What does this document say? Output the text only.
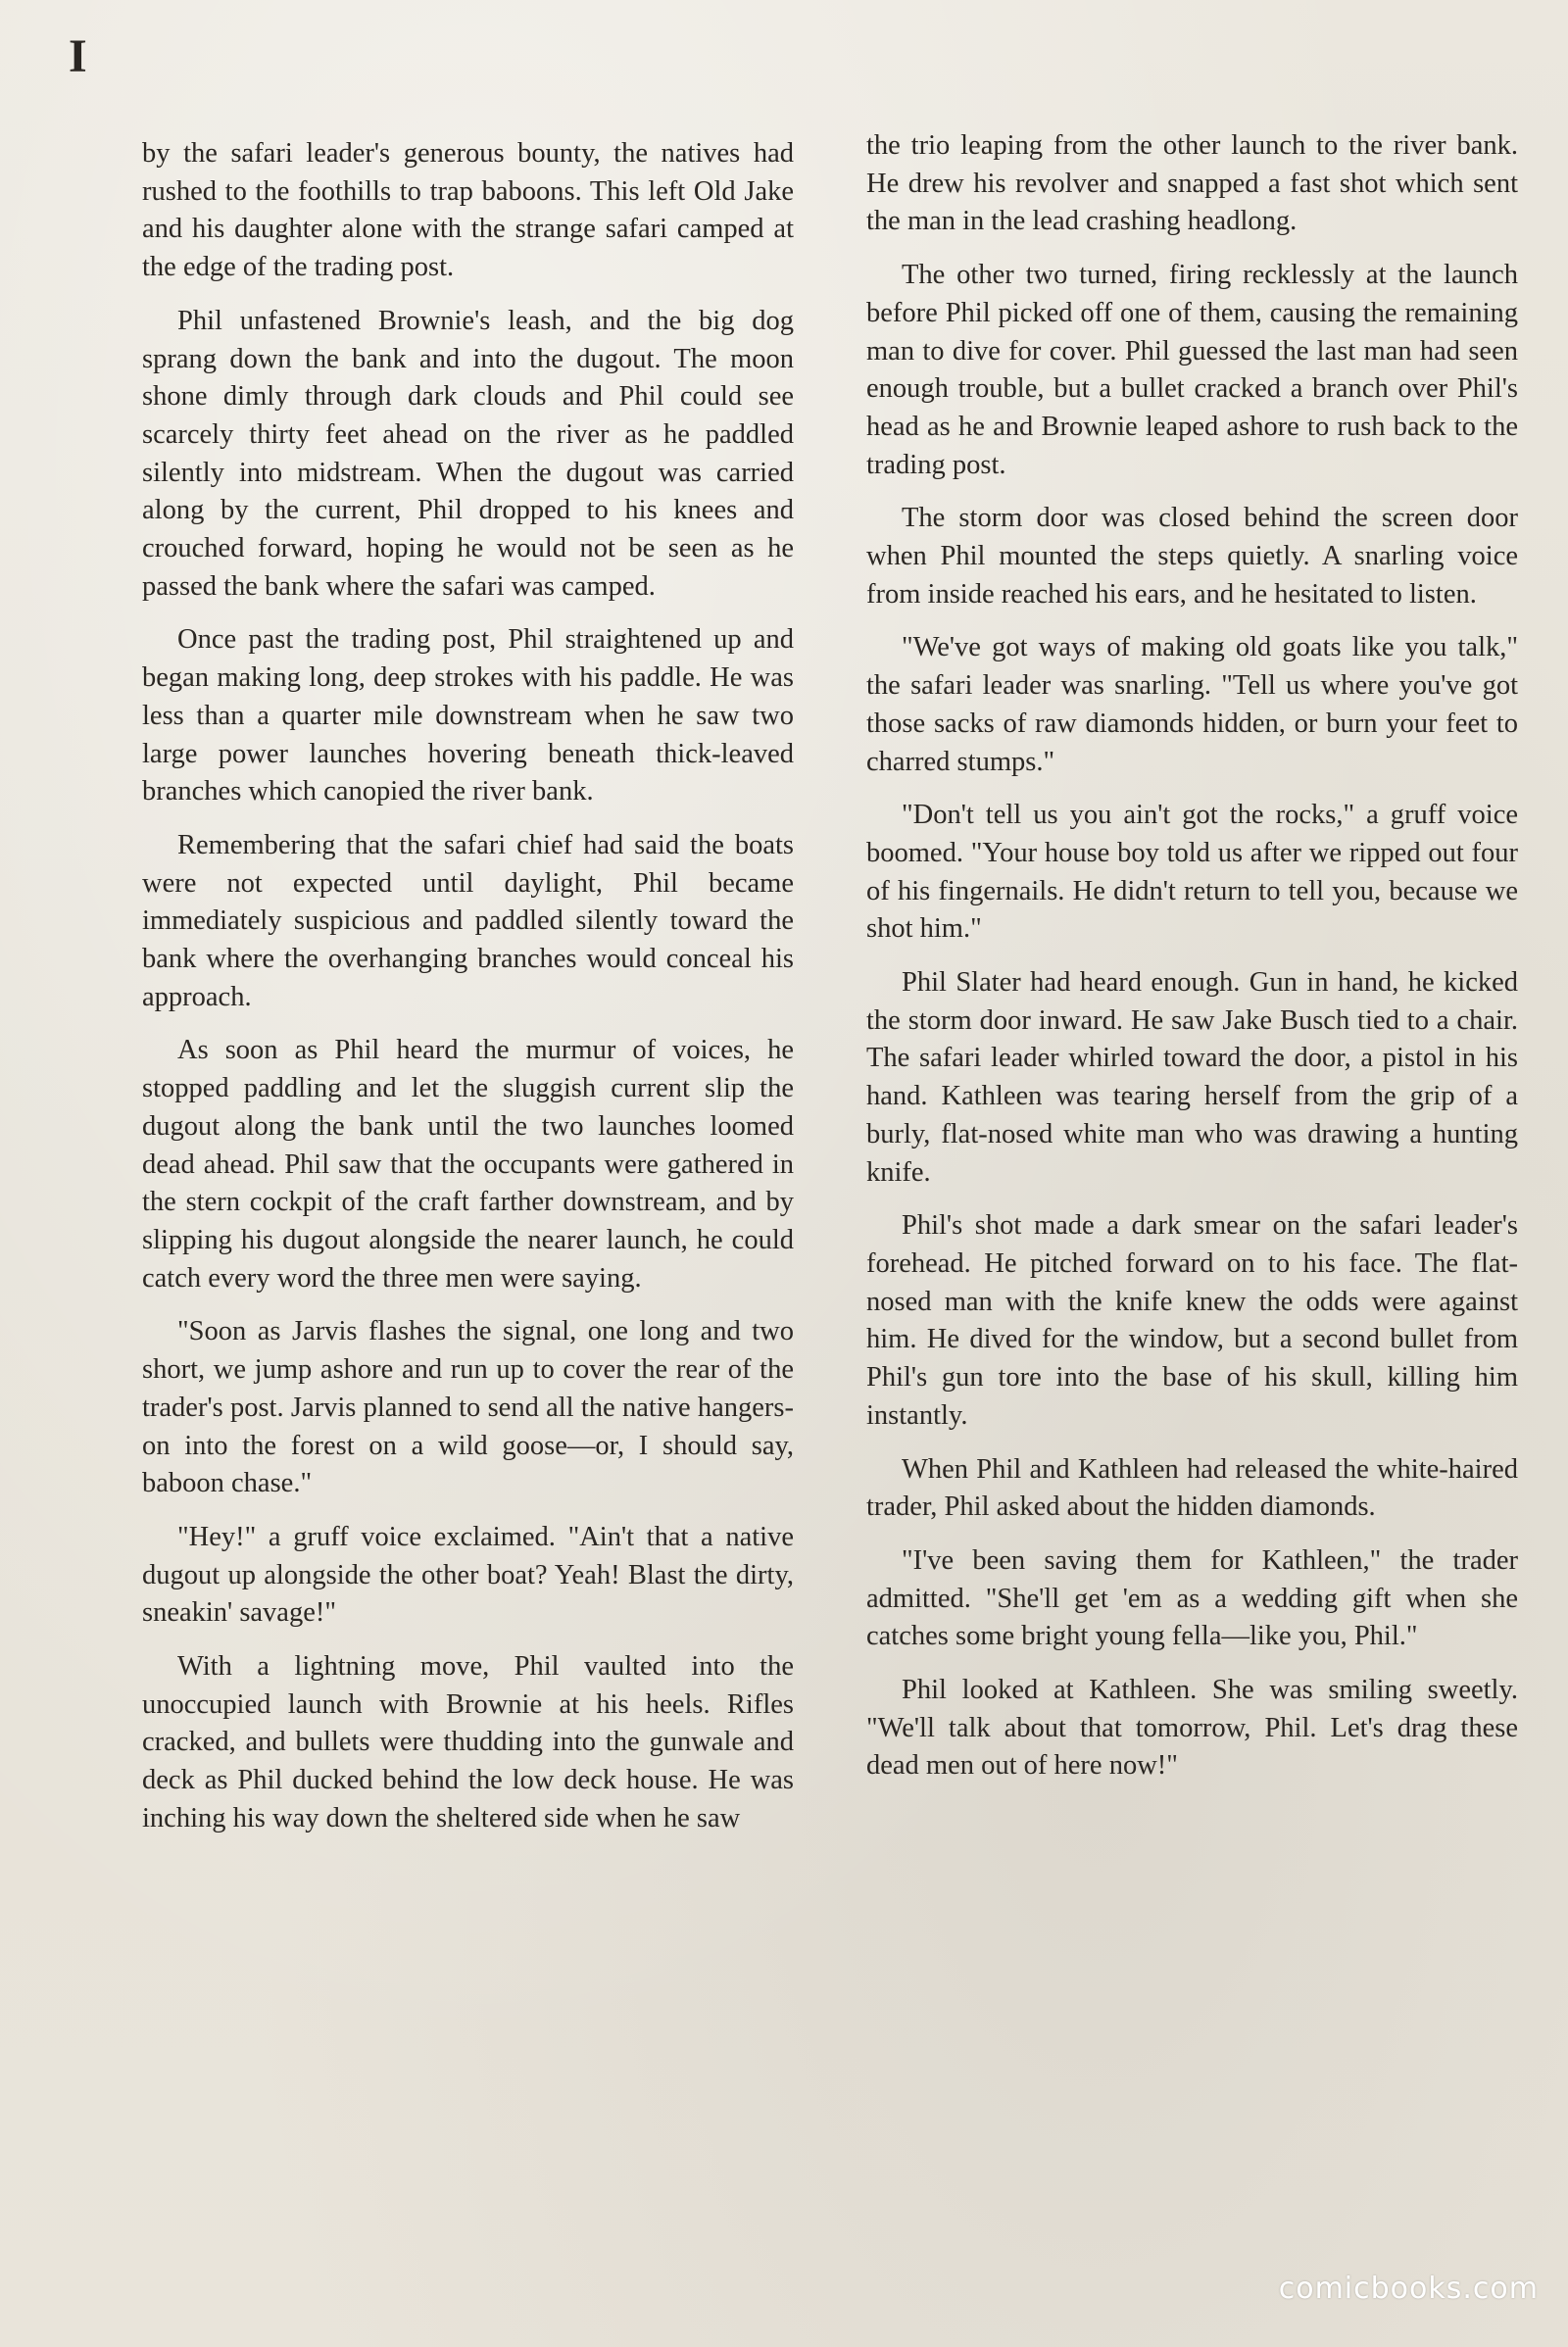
I

by the safari leader's generous bounty, the natives had rushed to the foothills to trap baboons. This left Old Jake and his daughter alone with the strange safari camped at the edge of the trading post.

Phil unfastened Brownie's leash, and the big dog sprang down the bank and into the dugout. The moon shone dimly through dark clouds and Phil could see scarcely thirty feet ahead on the river as he paddled silently into midstream. When the dugout was carried along by the current, Phil dropped to his knees and crouched forward, hoping he would not be seen as he passed the bank where the safari was camped.

Once past the trading post, Phil straightened up and began making long, deep strokes with his paddle. He was less than a quarter mile downstream when he saw two large power launches hovering beneath thick-leaved branches which canopied the river bank.

Remembering that the safari chief had said the boats were not expected until daylight, Phil became immediately suspicious and paddled silently toward the bank where the overhanging branches would conceal his approach.

As soon as Phil heard the murmur of voices, he stopped paddling and let the sluggish current slip the dugout along the bank until the two launches loomed dead ahead. Phil saw that the occupants were gathered in the stern cockpit of the craft farther downstream, and by slipping his dugout alongside the nearer launch, he could catch every word the three men were saying.

"Soon as Jarvis flashes the signal, one long and two short, we jump ashore and run up to cover the rear of the trader's post. Jarvis planned to send all the native hangers-on into the forest on a wild goose—or, I should say, baboon chase."

"Hey!" a gruff voice exclaimed. "Ain't that a native dugout up alongside the other boat? Yeah! Blast the dirty, sneakin' savage!"

With a lightning move, Phil vaulted into the unoccupied launch with Brownie at his heels. Rifles cracked, and bullets were thudding into the gunwale and deck as Phil ducked behind the low deck house. He was inching his way down the sheltered side when he saw

the trio leaping from the other launch to the river bank. He drew his revolver and snapped a fast shot which sent the man in the lead crashing headlong.

The other two turned, firing recklessly at the launch before Phil picked off one of them, causing the remaining man to dive for cover. Phil guessed the last man had seen enough trouble, but a bullet cracked a branch over Phil's head as he and Brownie leaped ashore to rush back to the trading post.

The storm door was closed behind the screen door when Phil mounted the steps quietly. A snarling voice from inside reached his ears, and he hesitated to listen.

"We've got ways of making old goats like you talk," the safari leader was snarling. "Tell us where you've got those sacks of raw diamonds hidden, or burn your feet to charred stumps."

"Don't tell us you ain't got the rocks," a gruff voice boomed. "Your house boy told us after we ripped out four of his fingernails. He didn't return to tell you, because we shot him."

Phil Slater had heard enough. Gun in hand, he kicked the storm door inward. He saw Jake Busch tied to a chair. The safari leader whirled toward the door, a pistol in his hand. Kathleen was tearing herself from the grip of a burly, flat-nosed white man who was drawing a hunting knife.

Phil's shot made a dark smear on the safari leader's forehead. He pitched forward on to his face. The flat-nosed man with the knife knew the odds were against him. He dived for the window, but a second bullet from Phil's gun tore into the base of his skull, killing him instantly.

When Phil and Kathleen had released the white-haired trader, Phil asked about the hidden diamonds.

"I've been saving them for Kathleen," the trader admitted. "She'll get 'em as a wedding gift when she catches some bright young fella—like you, Phil."

Phil looked at Kathleen. She was smiling sweetly. "We'll talk about that tomorrow, Phil. Let's drag these dead men out of here now!"

comicbooks.com
